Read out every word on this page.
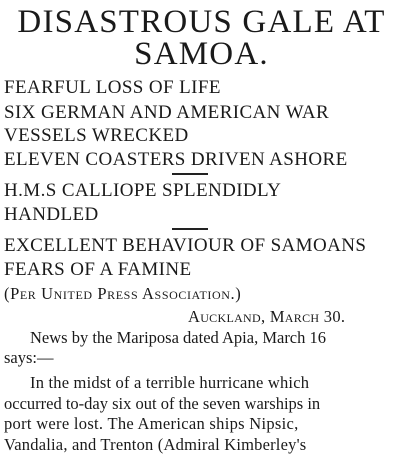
DISASTROUS GALE AT
SAMOA.
FEARFUL LOSS OF LIFE
SIX GERMAN AND AMERICAN WAR
VESSELS WRECKED
ELEVEN COASTERS DRIVEN ASHORE
H.M.S CALLIOPE SPLENDIDLY
HANDLED
EXCELLENT BEHAVIOUR OF SAMOANS
FEARS OF A FAMINE
(Per United Press Association.)
Auckland, March 30.
News by the Mariposa dated Apia, March 16
says:—
In the midst of a terrible hurricane which
occurred to-day six out of the seven warships in
port were lost. The American ships Nipsic,
Vandalia, and Trenton (Admiral Kimberley's
